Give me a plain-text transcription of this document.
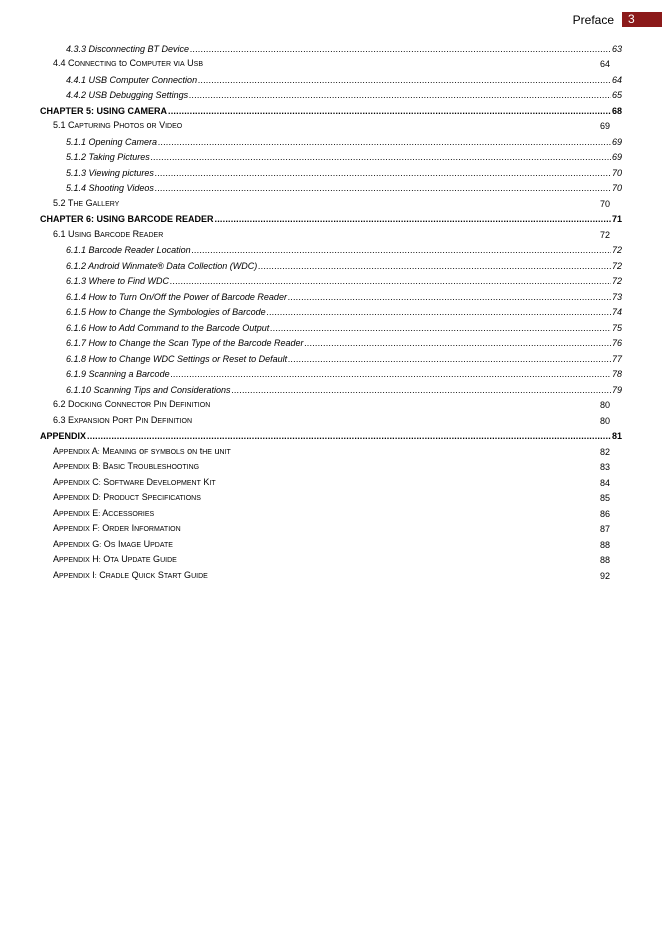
Preface	3
4.3.3 Disconnecting BT Device .....	63
4.4 CONNECTING tO COMPUTER vIA USB	64
4.4.1 USB Computer Connection .....	64
4.4.2 USB Debugging Settings .....	65
CHAPTER 5: USING CAMERA .....	68
5.1 CAPTURING PHOTOS oR VIDEO	69
5.1.1 Opening Camera .....	69
5.1.2 Taking Pictures .....	69
5.1.3 Viewing pictures .....	70
5.1.4 Shooting Videos .....	70
5.2 THE GALLERY	70
CHAPTER 6: USING BARCODE READER .....	71
6.1 USING BARCODE READER	72
6.1.1 Barcode Reader Location .....	72
6.1.2 Android Winmate® Data Collection (WDC) .....	72
6.1.3 Where to Find WDC .....	72
6.1.4 How to Turn On/Off the Power of Barcode Reader .....	73
6.1.5 How to Change the Symbologies of Barcode .....	74
6.1.6 How to Add Command to the Barcode Output .....	75
6.1.7 How to Change the Scan Type of the Barcode Reader .....	76
6.1.8 How to Change WDC Settings or Reset to Default .....	77
6.1.9 Scanning a Barcode .....	78
6.1.10 Scanning Tips and Considerations .....	79
6.2 DOCKING CONNECTOR PIN DEFINITION	80
6.3 EXPANSION PORT PIN DEFINITION	80
APPENDIX .....	81
APPENDIX A: MEANING oF sYMBOLS oN tHE uNIT	82
APPENDIX B: BASIC TROUBLESHOOTING	83
APPENDIX C: SOFTWARE DEVELOPMENT KIT	84
APPENDIX D: PRODUCT SPECIFICATIONS	85
APPENDIX E: ACCESSORIES	86
APPENDIX F: ORDER INFORMATION	87
APPENDIX G: OS IMAGE UPDATE	88
APPENDIX H: OTA UPDATE GUIDE	88
APPENDIX I: CRADLE QUICK START GUIDE	92
